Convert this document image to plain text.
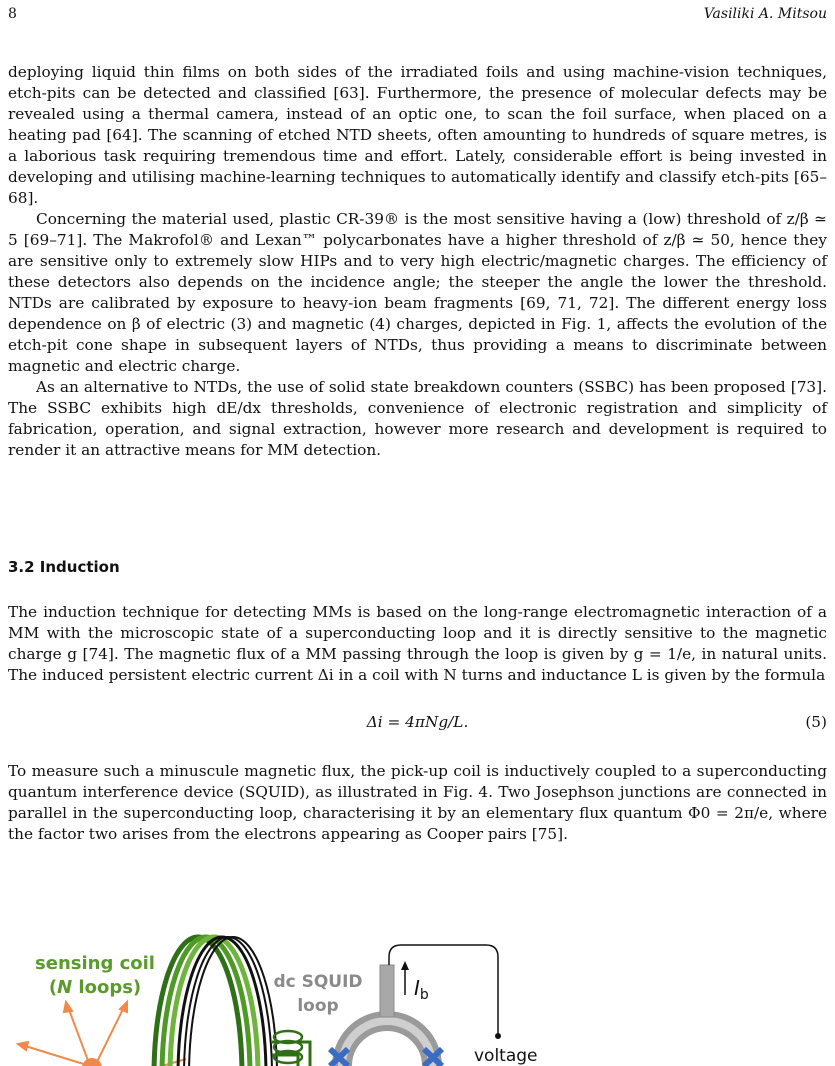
8	Vasiliki A. Mitsou

deploying liquid thin films on both sides of the irradiated foils and using machine-vision techniques, etch-pits can be detected and classified [63]. Furthermore, the presence of molecular defects may be revealed using a thermal camera, instead of an optic one, to scan the foil surface, when placed on a heating pad [64]. The scanning of etched NTD sheets, often amounting to hundreds of square metres, is a laborious task requiring tremendous time and effort. Lately, considerable effort is being invested in developing and utilising machine-learning techniques to automatically identify and classify etch-pits [65–68].

Concerning the material used, plastic CR-39® is the most sensitive having a (low) threshold of z/β ≃ 5 [69–71]. The Makrofol® and Lexan™ polycarbonates have a higher threshold of z/β ≃ 50, hence they are sensitive only to extremely slow HIPs and to very high electric/magnetic charges. The efficiency of these detectors also depends on the incidence angle; the steeper the angle the lower the threshold. NTDs are calibrated by exposure to heavy-ion beam fragments [69, 71, 72]. The different energy loss dependence on β of electric (3) and magnetic (4) charges, depicted in Fig. 1, affects the evolution of the etch-pit cone shape in subsequent layers of NTDs, thus providing a means to discriminate between magnetic and electric charge.

As an alternative to NTDs, the use of solid state breakdown counters (SSBC) has been proposed [73]. The SSBC exhibits high dE/dx thresholds, convenience of electronic registration and simplicity of fabrication, operation, and signal extraction, however more research and development is required to render it an attractive means for MM detection.

3.2 Induction

The induction technique for detecting MMs is based on the long-range electromagnetic interaction of a MM with the microscopic state of a superconducting loop and it is directly sensitive to the magnetic charge g [74]. The magnetic flux of a MM passing through the loop is given by g = 1/e, in natural units. The induced persistent electric current Δi in a coil with N turns and inductance L is given by the formula

Δi = 4πNg/L.	(5)

To measure such a minuscule magnetic flux, the pick-up coil is inductively coupled to a superconducting quantum interference device (SQUID), as illustrated in Fig. 4. Two Josephson junctions are connected in parallel in the superconducting loop, characterising it by an elementary flux quantum Φ0 = 2π/e, where the factor two arises from the electrons appearing as Cooper pairs [75].

sensing coil
(N loops)	dc SQUID
loop
$I_b$
voltage
